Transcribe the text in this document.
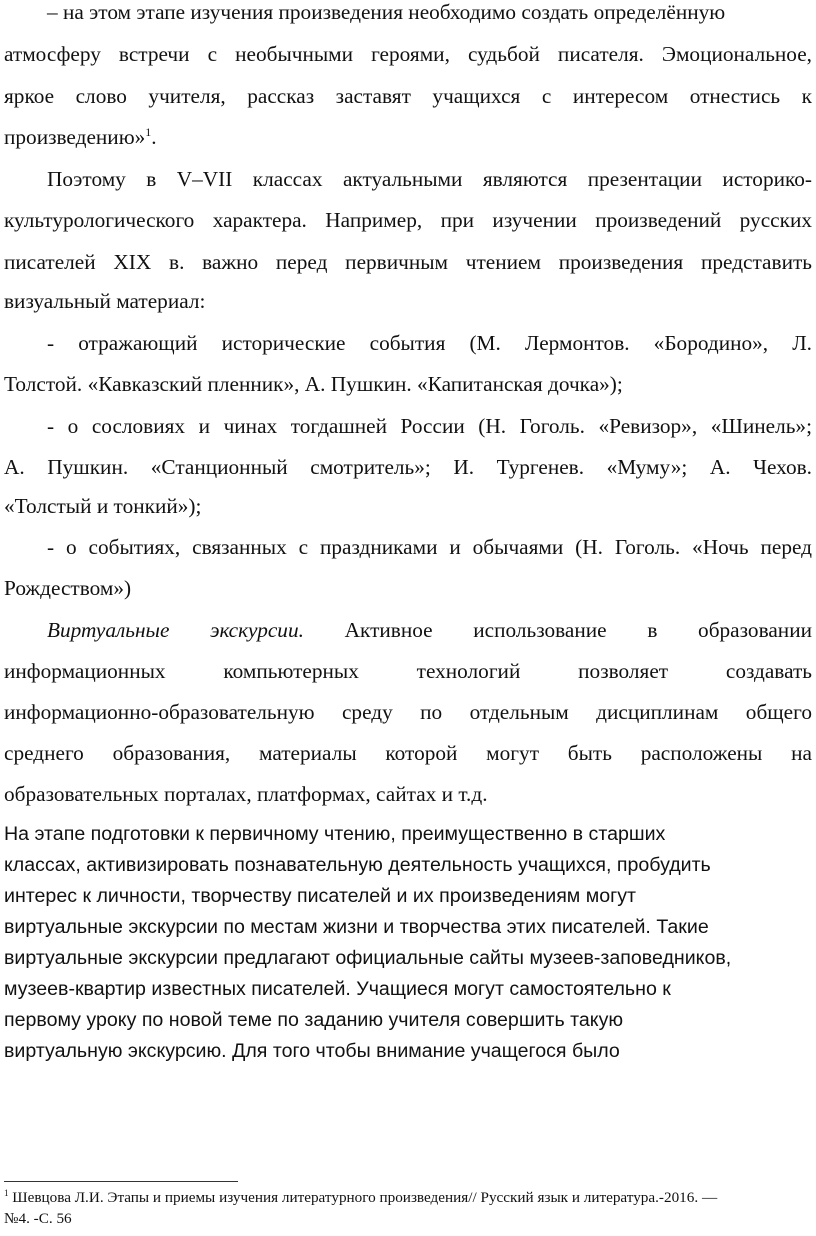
– на этом этапе изучения произведения необходимо создать определённую
атмосферу встречи с необычными героями, судьбой писателя. Эмоциональное,
яркое слово учителя, рассказ заставят учащихся с интересом отнестись к
произведению»$^1$.
Поэтому в V–VII классах актуальными являются презентации историко-
культурологического характера. Например, при изучении произведений русских
писателей XIX в. важно перед первичным чтением произведения представить
визуальный материал:
- отражающий исторические события (М. Лермонтов. «Бородино», Л.
Толстой. «Кавказский пленник», А. Пушкин. «Капитанская дочка»);
- о сословиях и чинах тогдашней России (Н. Гоголь. «Ревизор», «Шинель»;
А. Пушкин. «Станционный смотритель»; И. Тургенев. «Муму»; А. Чехов.
«Толстый и тонкий»);
- о событиях, связанных с праздниками и обычаями (Н. Гоголь. «Ночь перед
Рождеством»)
Виртуальные экскурсии. Активное использование в образовании
информационных компьютерных технологий позволяет создавать
информационно-образовательную среду по отдельным дисциплинам общего
среднего образования, материалы которой могут быть расположены на
образовательных порталах, платформах, сайтах и т.д.
На этапе подготовки к первичному чтению, преимущественно в старших
классах, активизировать познавательную деятельность учащихся, пробудить
интерес к личности, творчеству писателей и их произведениям могут
виртуальные экскурсии по местам жизни и творчества этих писателей. Такие
виртуальные экскурсии предлагают официальные сайты музеев-заповедников,
музеев-квартир известных писателей. Учащиеся могут самостоятельно к
первому уроку по новой теме по заданию учителя совершить такую
виртуальную экскурсию. Для того чтобы внимание учащегося было
$^1$ Шевцова Л.И. Этапы и приемы изучения литературного произведения// Русский язык и литература.-2016. —
№4. -С. 56
